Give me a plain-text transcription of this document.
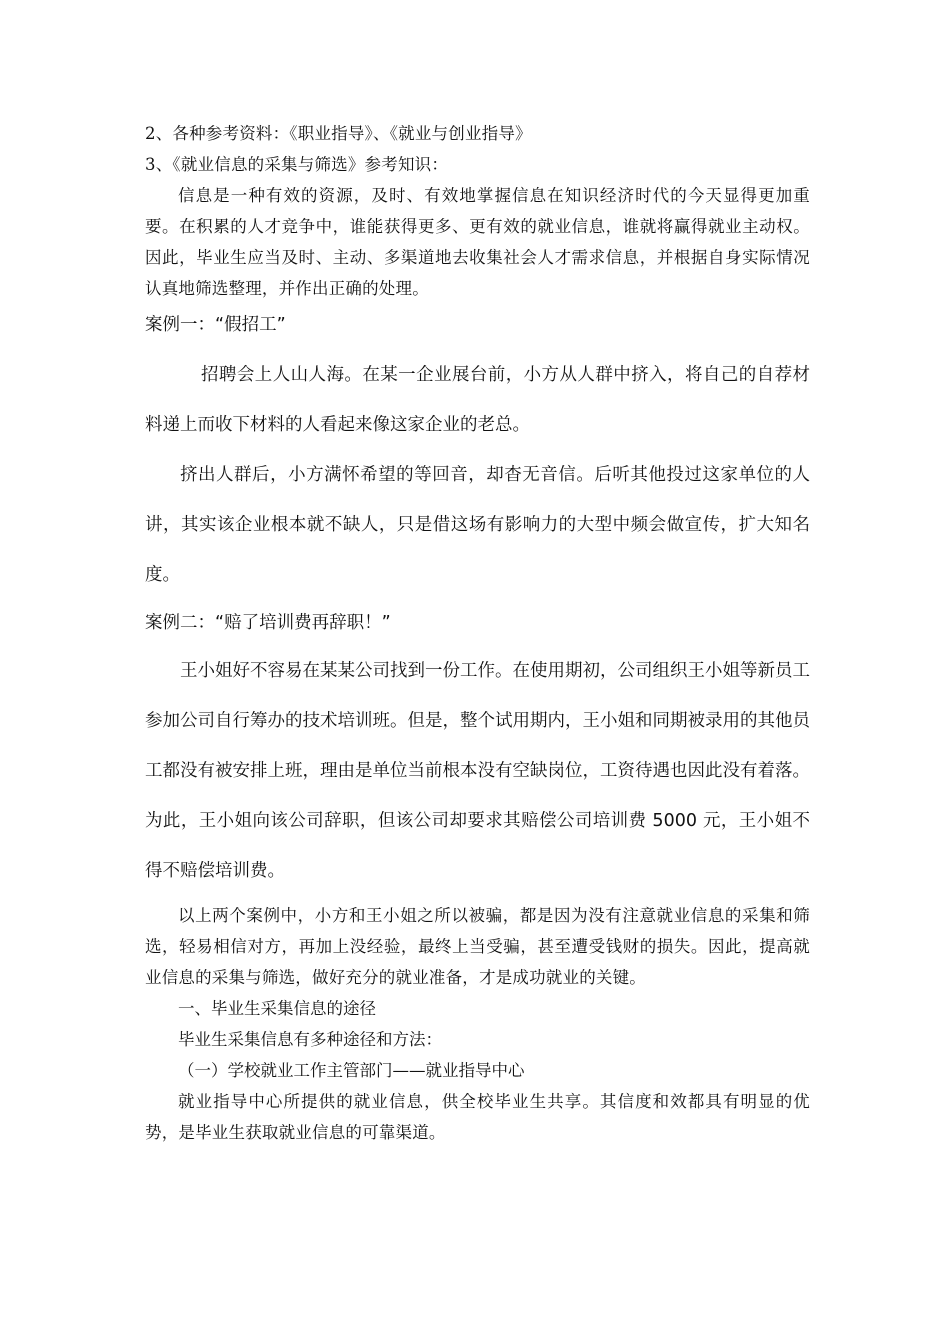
2、各种参考资料：《职业指导》、《就业与创业指导》

3、《就业信息的采集与筛选》参考知识：

信息是一种有效的资源，及时、有效地掌握信息在知识经济时代的今天显得更加重要。在积累的人才竞争中，谁能获得更多、更有效的就业信息，谁就将赢得就业主动权。因此，毕业生应当及时、主动、多渠道地去收集社会人才需求信息，并根据自身实际情况认真地筛选整理，并作出正确的处理。

案例一：“假招工”

招聘会上人山人海。在某一企业展台前，小方从人群中挤入，将自己的自荐材料递上而收下材料的人看起来像这家企业的老总。

挤出人群后，小方满怀希望的等回音，却杳无音信。后听其他投过这家单位的人讲，其实该企业根本就不缺人，只是借这场有影响力的大型中频会做宣传，扩大知名度。

案例二：“赔了培训费再辞职！”

王小姐好不容易在某某公司找到一份工作。在使用期初，公司组织王小姐等新员工参加公司自行筹办的技术培训班。但是，整个试用期内，王小姐和同期被录用的其他员工都没有被安排上班，理由是单位当前根本没有空缺岗位，工资待遇也因此没有着落。为此，王小姐向该公司辞职，但该公司却要求其赔偿公司培训费 5000 元，王小姐不得不赔偿培训费。

以上两个案例中，小方和王小姐之所以被骗，都是因为没有注意就业信息的采集和筛选，轻易相信对方，再加上没经验，最终上当受骗，甚至遭受钱财的损失。因此，提高就业信息的采集与筛选，做好充分的就业准备，才是成功就业的关键。

一、毕业生采集信息的途径

毕业生采集信息有多种途径和方法：

（一）学校就业工作主管部门——就业指导中心

就业指导中心所提供的就业信息，供全校毕业生共享。其信度和效都具有明显的优势，是毕业生获取就业信息的可靠渠道。
